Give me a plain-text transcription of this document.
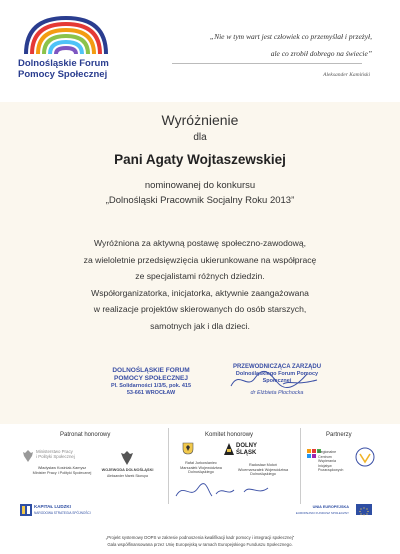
Dolnośląskie Forum
Pomocy Społecznej
„Nie w tym wart jest człowiek co przemyślał i przeżył,
ale co zrobił dobrego na świecie”
Aleksander Kamiński
Wyróżnienie
dla
Pani Agaty Wojtaszewskiej
nominowanej do konkursu
„Dolnośląski Pracownik Socjalny Roku 2013”
Wyróżniona za aktywną postawę społeczno-zawodową,
za wieloletnie przedsięwzięcia ukierunkowane na współpracę
ze specjalistami różnych dziedzin.
Współorganizatorka, inicjatorka, aktywnie zaangażowana
w realizacje projektów skierowanych do osób starszych,
samotnych jak i dla dzieci.
DOLNOŚLĄSKIE FORUM
POMOCY SPOŁECZNEJ
Pl. Solidarności 1/3/5, pok. 415
53-661 WROCŁAW
PRZEWODNICZĄCA ZARZĄDU
Dolnośląskiego Forum Pomocy Społecznej
dr Elżbieta Płochocka
Patronat honorowy	Komitet honorowy	Partnerzy
Ministerstwo Pracy
i Polityki Społecznej
Władysław Kosiniak-Kamysz
Minister Pracy i Polityki Społecznej
WOJEWODA DOLNOŚLĄSKI
Aleksander Marek Skorupa
DOLNY
ŚLĄSK
Rafał Jurkowlaniec
Marszałek Województwa
Dolnośląskiego
Radosław Mołoń
Wicemarszałek Województwa
Dolnośląskiego
Regionalne
Centrum
Wspierania
Inicjatyw Pozarządowych
KAPITAŁ LUDZKI
NARODOWA STRATEGIA SPÓJNOŚCI
UNIA EUROPEJSKA
EUROPEJSKI FUNDUSZ SPOŁECZNY
„Projekt systemowy DOPS w zakresie podnoszenia kwalifikacji kadr pomocy i integracji społecznej”
Gala współfinansowana przez Unię Europejską w ramach Europejskiego Funduszu Społecznego.
